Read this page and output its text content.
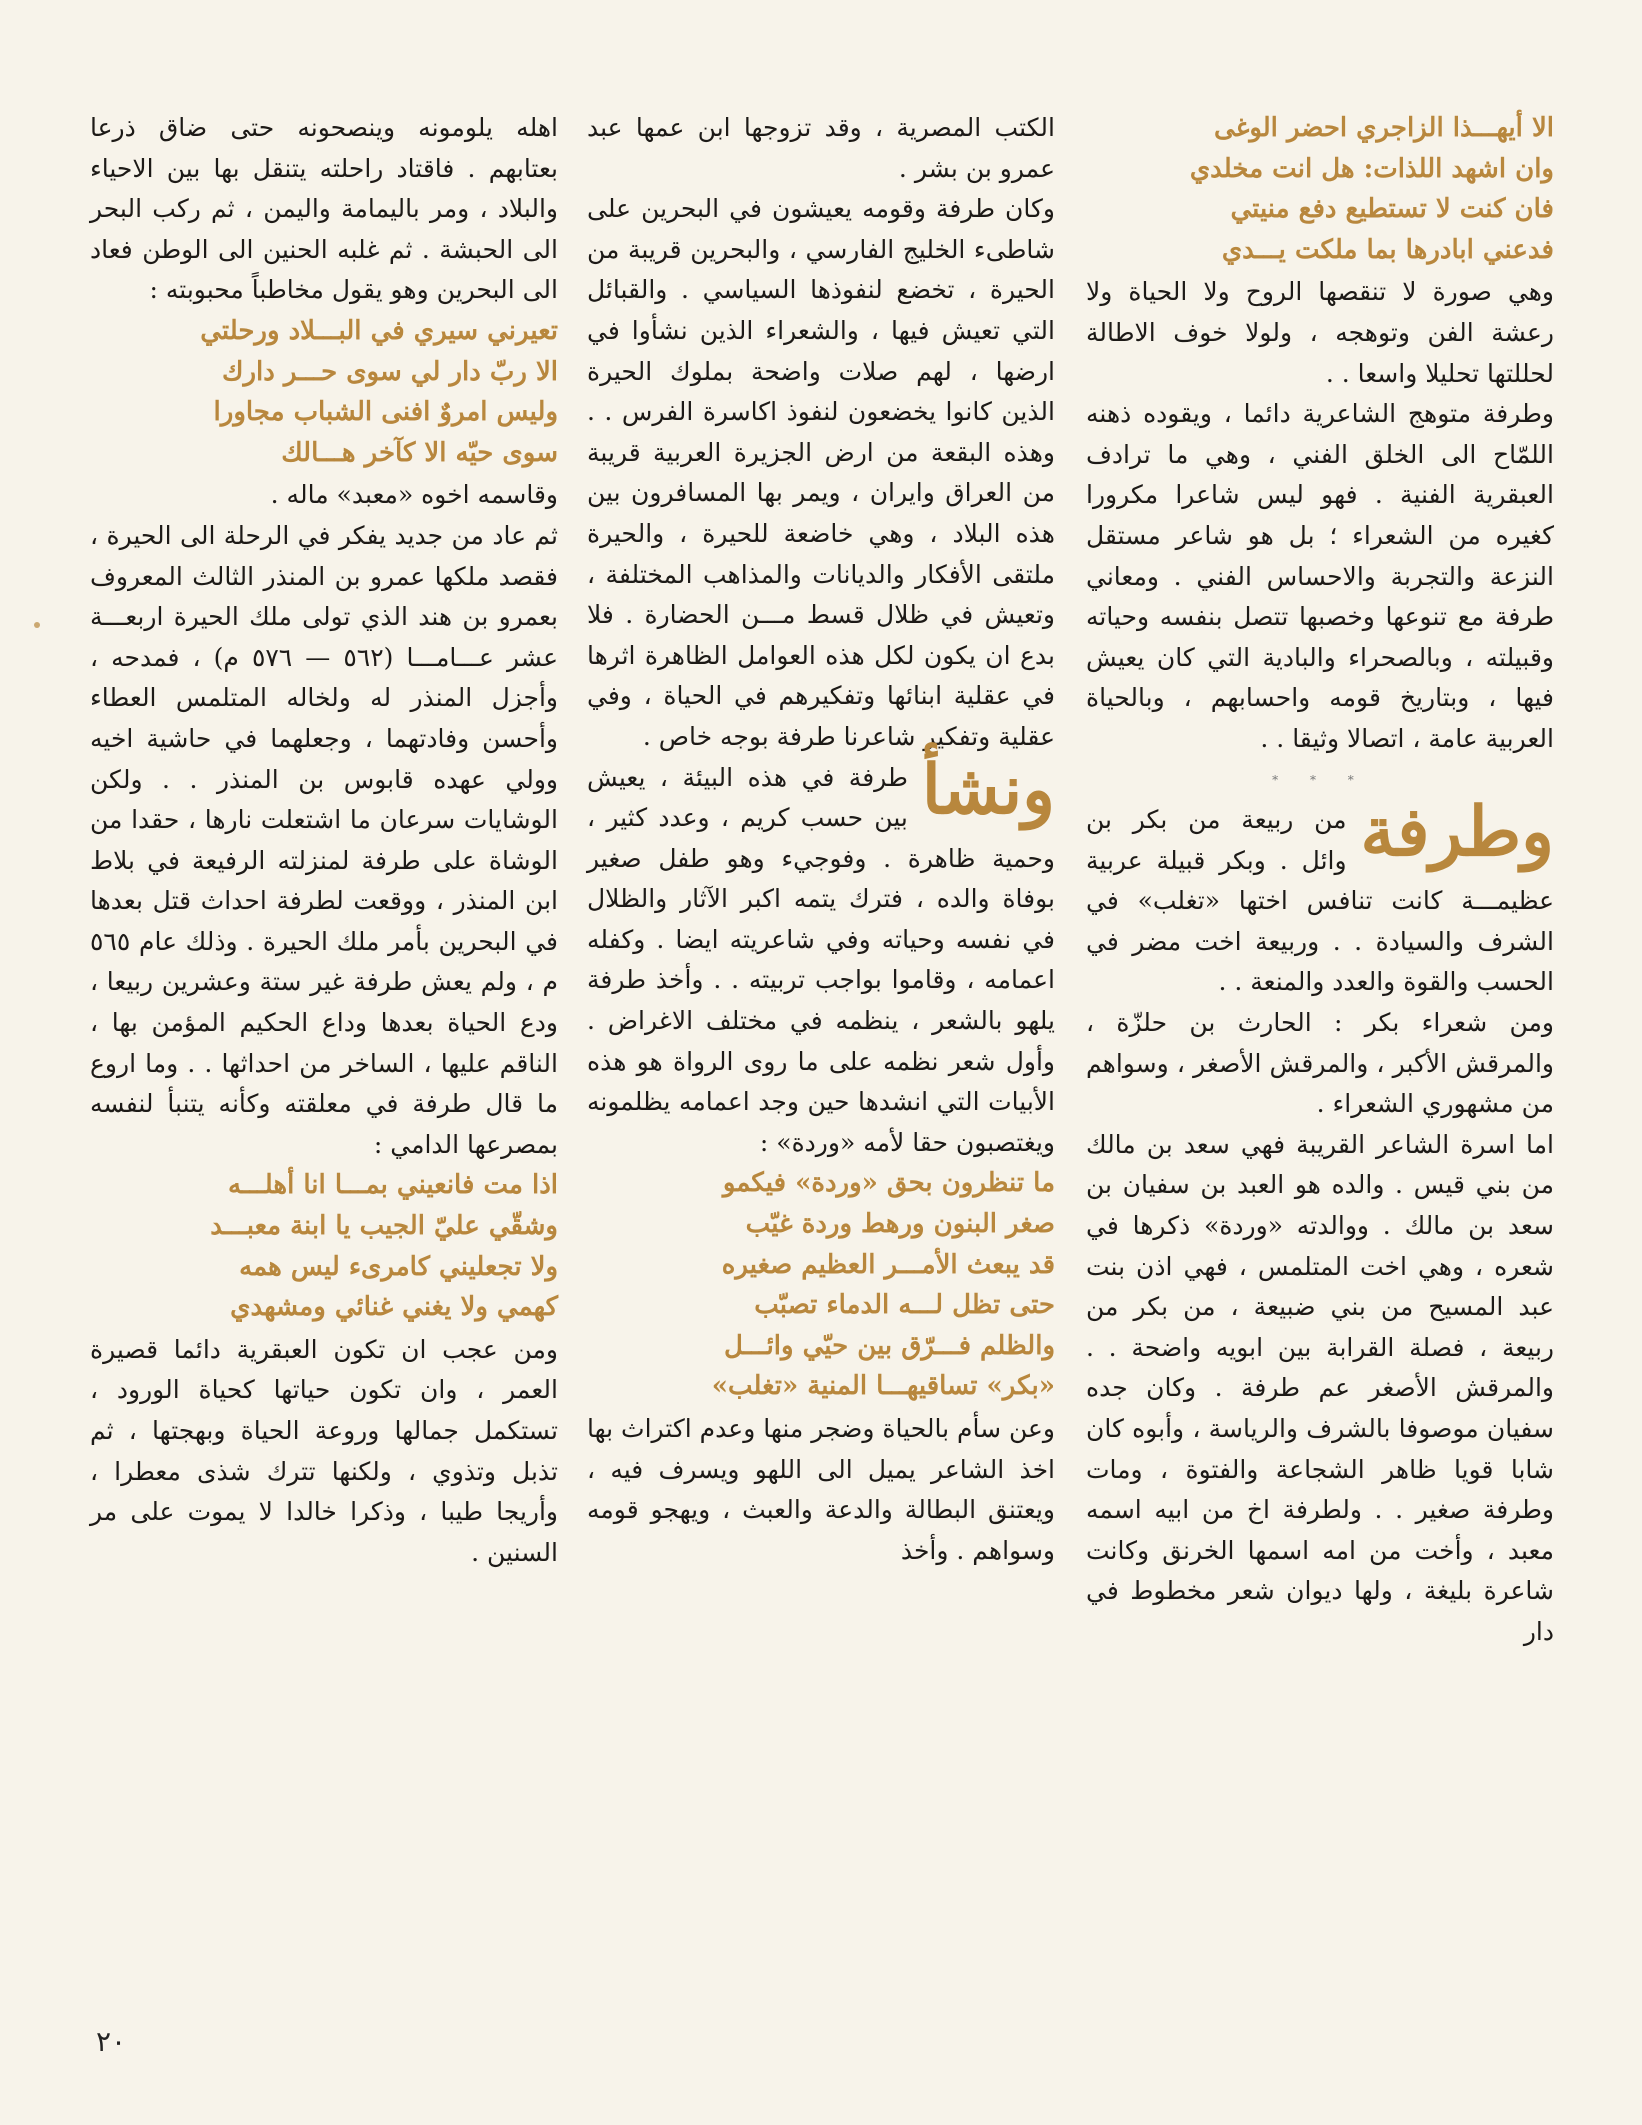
الا أيهـــذا الزاجري احضر الوغى

وان اشهد اللذات: هل انت مخلدي

فان كنت لا تستطيع دفع منيتي

فدعني ابادرها بما ملكت يـــدي

وهي صورة لا تنقصها الروح ولا الحياة ولا رعشة الفن وتوهجه ، ولولا خوف الاطالة لحللتها تحليلا واسعا . .

وطرفة متوهج الشاعرية دائما ، ويقوده ذهنه اللمّاح الى الخلق الفني ، وهي ما ترادف العبقرية الفنية . فهو ليس شاعرا مكرورا كغيره من الشعراء ؛ بل هو شاعر مستقل النزعة والتجربة والاحساس الفني . ومعاني طرفة مع تنوعها وخصبها تتصل بنفسه وحياته وقبيلته ، وبالصحراء والبادية التي كان يعيش فيها ، وبتاريخ قومه واحسابهم ، وبالحياة العربية عامة ، اتصالا وثيقا . .

* * *

وطرفة
من ربيعة من بكر بن وائل . وبكر قبيلة عربية عظيمـــة كانت تنافس اختها «تغلب» في الشرف والسيادة . . وربيعة اخت مضر في الحسب والقوة والعدد والمنعة . .

ومن شعراء بكر : الحارث بن حلزّة ، والمرقش الأكبر ، والمرقش الأصغر ، وسواهم من مشهوري الشعراء .

اما اسرة الشاعر القريبة فهي سعد بن مالك من بني قيس . والده هو العبد بن سفيان بن سعد بن مالك . ووالدته «وردة» ذكرها في شعره ، وهي اخت المتلمس ، فهي اذن بنت عبد المسيح من بني ضبيعة ، من بكر من ربيعة ، فصلة القرابة بين ابويه واضحة . . والمرقش الأصغر عم طرفة . وكان جده سفيان موصوفا بالشرف والرياسة ، وأبوه كان شابا قويا ظاهر الشجاعة والفتوة ، ومات وطرفة صغير . . ولطرفة اخ من ابيه اسمه معبد ، وأخت من امه اسمها الخرنق وكانت شاعرة بليغة ، ولها ديوان شعر مخطوط في دار

الكتب المصرية ، وقد تزوجها ابن عمها عبد عمرو بن بشر .

وكان طرفة وقومه يعيشون في البحرين على شاطىء الخليج الفارسي ، والبحرين قريبة من الحيرة ، تخضع لنفوذها السياسي . والقبائل التي تعيش فيها ، والشعراء الذين نشأوا في ارضها ، لهم صلات واضحة بملوك الحيرة الذين كانوا يخضعون لنفوذ اكاسرة الفرس . . وهذه البقعة من ارض الجزيرة العربية قريبة من العراق وايران ، ويمر بها المسافرون بين هذه البلاد ، وهي خاضعة للحيرة ، والحيرة ملتقى الأفكار والديانات والمذاهب المختلفة ، وتعيش في ظلال قسط مـــن الحضارة . فلا بدع ان يكون لكل هذه العوامل الظاهرة اثرها في عقلية ابنائها وتفكيرهم في الحياة ، وفي عقلية وتفكير شاعرنا طرفة بوجه خاص .

ونشأ
طرفة في هذه البيئة ، يعيش بين حسب كريم ، وعدد كثير ، وحمية ظاهرة . وفوجيء وهو طفل صغير بوفاة والده ، فترك يتمه اكبر الآثار والظلال في نفسه وحياته وفي شاعريته ايضا . وكفله اعمامه ، وقاموا بواجب تربيته . . وأخذ طرفة يلهو بالشعر ، ينظمه في مختلف الاغراض . وأول شعر نظمه على ما روى الرواة هو هذه الأبيات التي انشدها حين وجد اعمامه يظلمونه ويغتصبون حقا لأمه «وردة» :

ما تنظرون بحق «وردة» فيكمو

صغر البنون ورهط وردة غيّب

قد يبعث الأمـــر العظيم صغيره

حتى تظل لـــه الدماء تصبّب

والظلم فـــرّق بين حيّي وائـــل

«بكر» تساقيهـــا المنية «تغلب»

وعن سأم بالحياة وضجر منها وعدم اكتراث بها اخذ الشاعر يميل الى اللهو ويسرف فيه ، ويعتنق البطالة والدعة والعبث ، ويهجو قومه وسواهم . وأخذ

اهله يلومونه وينصحونه حتى ضاق ذرعا بعتابهم . فاقتاد راحلته يتنقل بها بين الاحياء والبلاد ، ومر باليمامة واليمن ، ثم ركب البحر الى الحبشة . ثم غلبه الحنين الى الوطن فعاد الى البحرين وهو يقول مخاطباً محبوبته :

تعيرني سيري في البـــلاد ورحلتي

الا ربّ دار لي سوى حـــر دارك

وليس امروٌ افنى الشباب مجاورا

سوى حيّه الا كآخر هـــالك

وقاسمه اخوه «معبد» ماله .

ثم عاد من جديد يفكر في الرحلة الى الحيرة ، فقصد ملكها عمرو بن المنذر الثالث المعروف بعمرو بن هند الذي تولى ملك الحيرة اربعـــة عشر عـــامـــا (٥٦٢ — ٥٧٦ م) ، فمدحه ، وأجزل المنذر له ولخاله المتلمس العطاء وأحسن وفادتهما ، وجعلهما في حاشية اخيه وولي عهده قابوس بن المنذر . . ولكن الوشايات سرعان ما اشتعلت نارها ، حقدا من الوشاة على طرفة لمنزلته الرفيعة في بلاط ابن المنذر ، ووقعت لطرفة احداث قتل بعدها في البحرين بأمر ملك الحيرة . وذلك عام ٥٦٥ م ، ولم يعش طرفة غير ستة وعشرين ربيعا ، ودع الحياة بعدها وداع الحكيم المؤمن بها ، الناقم عليها ، الساخر من احداثها . . وما اروع ما قال طرفة في معلقته وكأنه يتنبأ لنفسه بمصرعها الدامي :

اذا مت فانعيني بمـــا انا أهلـــه

وشقّي عليّ الجيب يا ابنة معبـــد

ولا تجعليني كامرىء ليس همه

كهمي ولا يغني غنائي ومشهدي

ومن عجب ان تكون العبقرية دائما قصيرة العمر ، وان تكون حياتها كحياة الورود ، تستكمل جمالها وروعة الحياة وبهجتها ، ثم تذبل وتذوي ، ولكنها تترك شذى معطرا ، وأريجا طيبا ، وذكرا خالدا لا يموت على مر السنين .

٢٠
